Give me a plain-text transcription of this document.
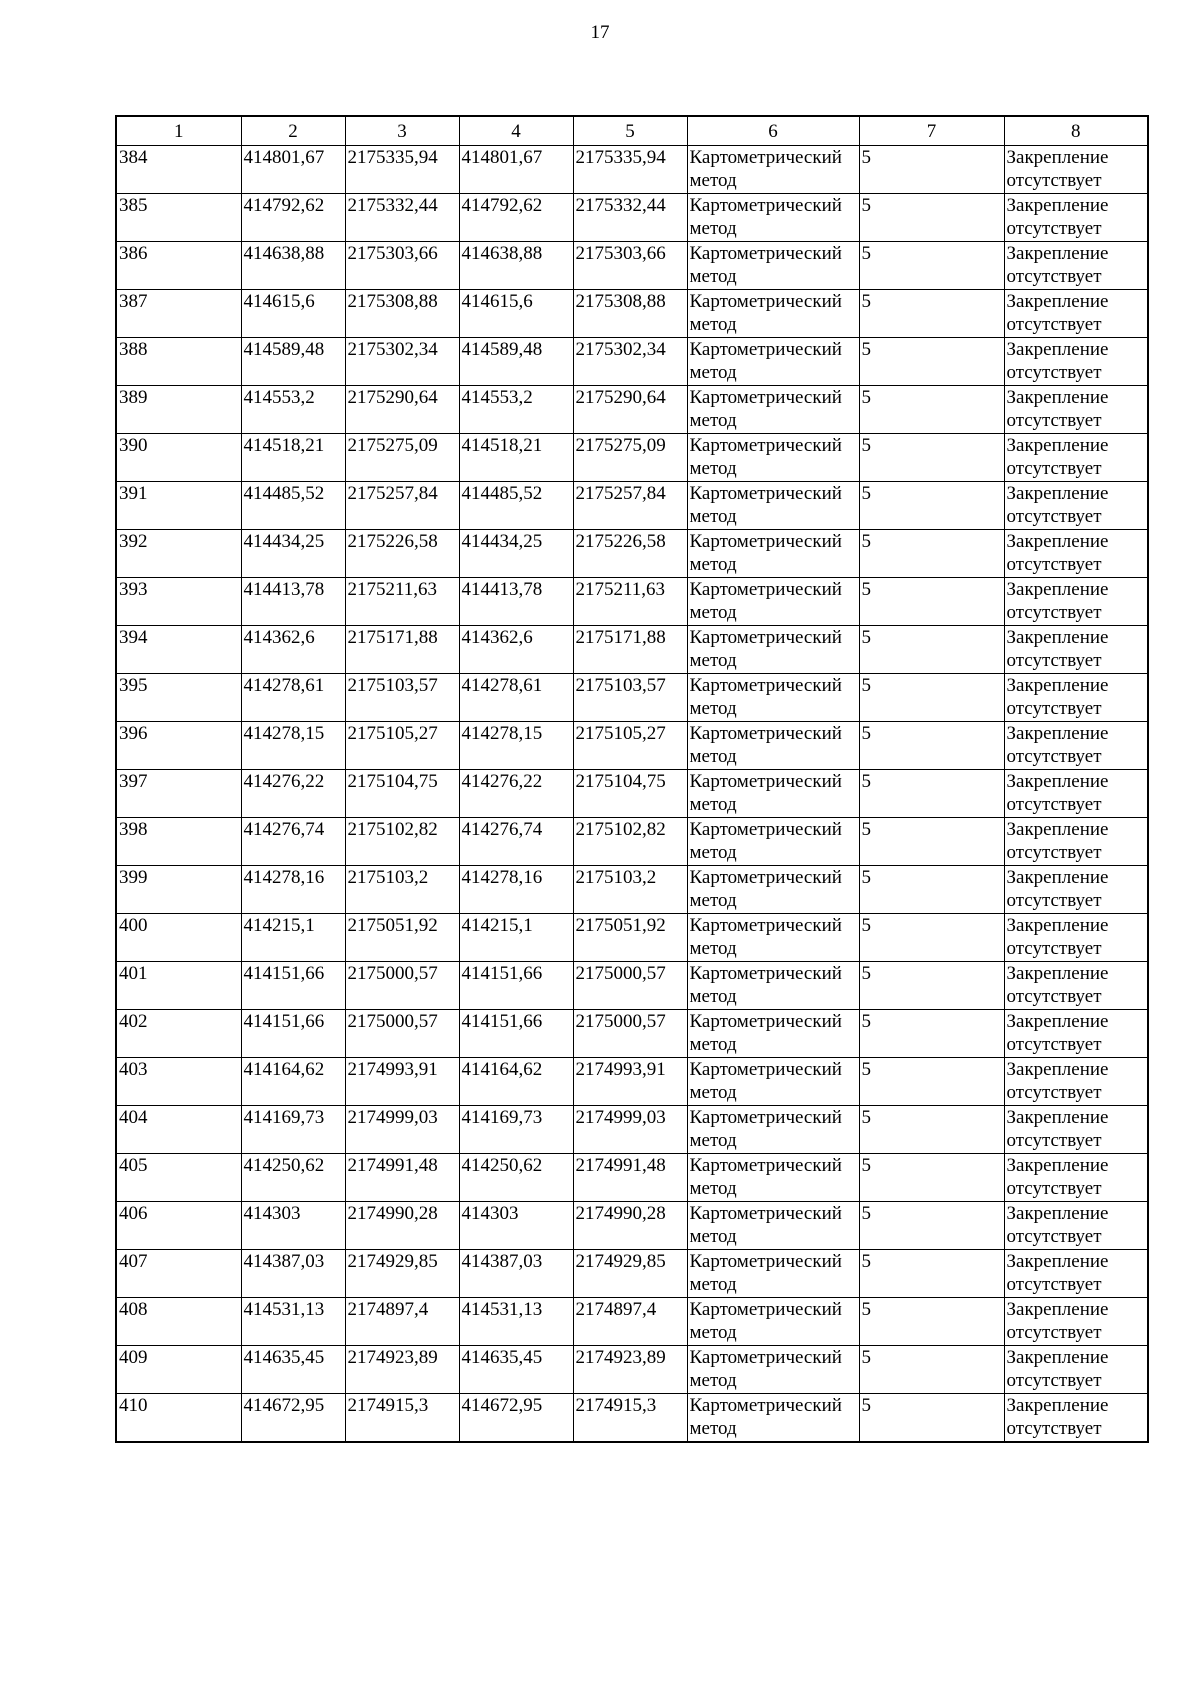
17
1	2	3	4	5	6	7	8
384	414801,67	2175335,94	414801,67	2175335,94	Картометрический метод	5	Закрепление отсутствует
385	414792,62	2175332,44	414792,62	2175332,44	Картометрический метод	5	Закрепление отсутствует
386	414638,88	2175303,66	414638,88	2175303,66	Картометрический метод	5	Закрепление отсутствует
387	414615,6	2175308,88	414615,6	2175308,88	Картометрический метод	5	Закрепление отсутствует
388	414589,48	2175302,34	414589,48	2175302,34	Картометрический метод	5	Закрепление отсутствует
389	414553,2	2175290,64	414553,2	2175290,64	Картометрический метод	5	Закрепление отсутствует
390	414518,21	2175275,09	414518,21	2175275,09	Картометрический метод	5	Закрепление отсутствует
391	414485,52	2175257,84	414485,52	2175257,84	Картометрический метод	5	Закрепление отсутствует
392	414434,25	2175226,58	414434,25	2175226,58	Картометрический метод	5	Закрепление отсутствует
393	414413,78	2175211,63	414413,78	2175211,63	Картометрический метод	5	Закрепление отсутствует
394	414362,6	2175171,88	414362,6	2175171,88	Картометрический метод	5	Закрепление отсутствует
395	414278,61	2175103,57	414278,61	2175103,57	Картометрический метод	5	Закрепление отсутствует
396	414278,15	2175105,27	414278,15	2175105,27	Картометрический метод	5	Закрепление отсутствует
397	414276,22	2175104,75	414276,22	2175104,75	Картометрический метод	5	Закрепление отсутствует
398	414276,74	2175102,82	414276,74	2175102,82	Картометрический метод	5	Закрепление отсутствует
399	414278,16	2175103,2	414278,16	2175103,2	Картометрический метод	5	Закрепление отсутствует
400	414215,1	2175051,92	414215,1	2175051,92	Картометрический метод	5	Закрепление отсутствует
401	414151,66	2175000,57	414151,66	2175000,57	Картометрический метод	5	Закрепление отсутствует
402	414151,66	2175000,57	414151,66	2175000,57	Картометрический метод	5	Закрепление отсутствует
403	414164,62	2174993,91	414164,62	2174993,91	Картометрический метод	5	Закрепление отсутствует
404	414169,73	2174999,03	414169,73	2174999,03	Картометрический метод	5	Закрепление отсутствует
405	414250,62	2174991,48	414250,62	2174991,48	Картометрический метод	5	Закрепление отсутствует
406	414303	2174990,28	414303	2174990,28	Картометрический метод	5	Закрепление отсутствует
407	414387,03	2174929,85	414387,03	2174929,85	Картометрический метод	5	Закрепление отсутствует
408	414531,13	2174897,4	414531,13	2174897,4	Картометрический метод	5	Закрепление отсутствует
409	414635,45	2174923,89	414635,45	2174923,89	Картометрический метод	5	Закрепление отсутствует
410	414672,95	2174915,3	414672,95	2174915,3	Картометрический метод	5	Закрепление отсутствует
